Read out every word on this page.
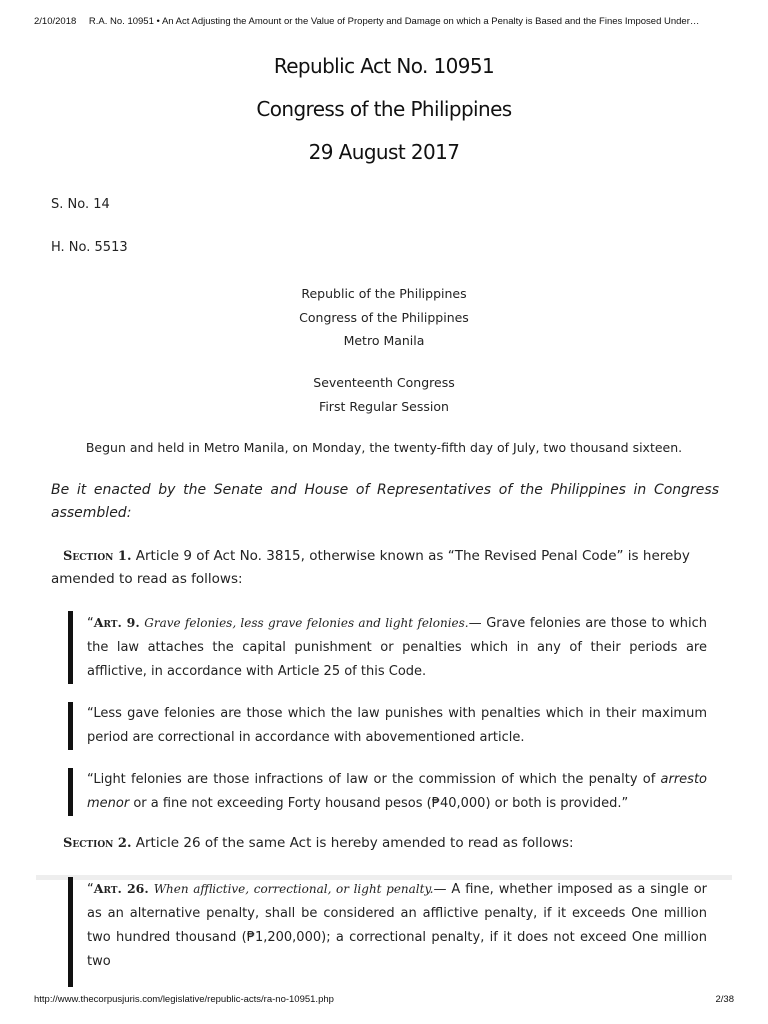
2/10/2018 R.A. No. 10951 • An Act Adjusting the Amount or the Value of Property and Damage on which a Penalty is Based and the Fines Imposed Under…
Republic Act No. 10951
Congress of the Philippines
29 August 2017
S. No. 14
H. No. 5513
Republic of the Philippines
Congress of the Philippines
Metro Manila
Seventeenth Congress
First Regular Session
Begun and held in Metro Manila, on Monday, the twenty-fifth day of July, two thousand sixteen.
Be it enacted by the Senate and House of Representatives of the Philippines in Congress assembled:
Section 1. Article 9 of Act No. 3815, otherwise known as “The Revised Penal Code” is hereby amended to read as follows:
“Art. 9. Grave felonies, less grave felonies and light felonies.— Grave felonies are those to which the law attaches the capital punishment or penalties which in any of their periods are afflictive, in accordance with Article 25 of this Code.
“Less gave felonies are those which the law punishes with penalties which in their maximum period are correctional in accordance with abovementioned article.
“Light felonies are those infractions of law or the commission of which the penalty of arresto menor or a fine not exceeding Forty housand pesos (₱40,000) or both is provided.”
Section 2. Article 26 of the same Act is hereby amended to read as follows:
“Art. 26. When afflictive, correctional, or light penalty.— A fine, whether imposed as a single or as an alternative penalty, shall be considered an afflictive penalty, if it exceeds One million two hundred thousand (₱1,200,000); a correctional penalty, if it does not exceed One million two
http://www.thecorpusjuris.com/legislative/republic-acts/ra-no-10951.php	2/38
